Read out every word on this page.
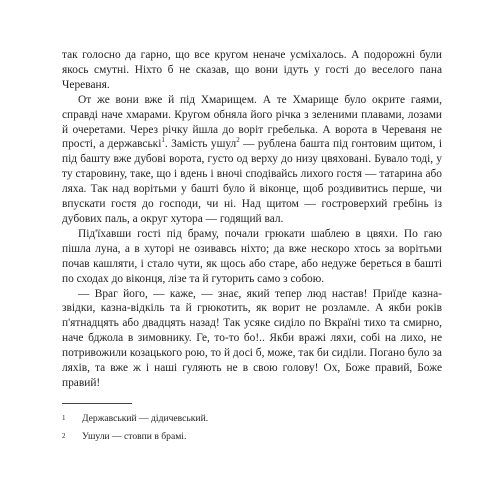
так голосно да гарно, що все кругом неначе усміхалось. А подорожні були якось смутні. Ніхто б не сказав, що вони ідуть у гості до веселого пана Череваня.

От же вони вже й під Хмарищем. А те Хмарище було окрите гаями, справді наче хмарами. Кругом обняла його річка з зеленими плавами, лозами й очеретами. Через річку йшла до воріт гребелька. А ворота в Череваня не прості, а державські$^1$. Замість ушул$^2$ — рублена башта під гонтовим щитом, і під башту вже дубові ворота, густо од верху до низу цвяховані. Бувало тоді, у ту старовину, таке, що і вдень і вночі сподівайсь лихого гостя — татарина або ляха. Так над ворітьми у башті було й віконце, щоб роздивитись перше, чи впускати гостя до господи, чи ні. Над щитом — гостроверхий гребінь із дубових паль, а округ хутора — годящий вал.

Під'їхавши гості під браму, почали грюкати шаблею в цвяхи. По гаю пішла луна, а в хуторі не озивавсь ніхто; да вже нескоро хтось за ворітьми почав кашляти, і стало чути, як щось або старе, або недуже береться в башті по сходах до віконця, лізе та й гуторить само з собою.

— Враг його, — каже, — знає, який тепер люд настав! Приїде казна-звідки, казна-відкіль та й грюкотить, як ворит не розламле. А якби років п'ятнадцять або двадцять назад! Так усяке сиділо по Вкраїні тихо та смирно, наче бджола в зимовнику. Ге, то-то бо!.. Якби вражі ляхи, собі на лихо, не потривожили козацького рою, то й досі б, може, так би сиділи. Погано було за ляхів, та вже ж і наші гуляють не в свою голову! Ох, Боже правий, Боже правий!

1	Державський — дідичевський.
2	Ушули — стовпи в брамі.
